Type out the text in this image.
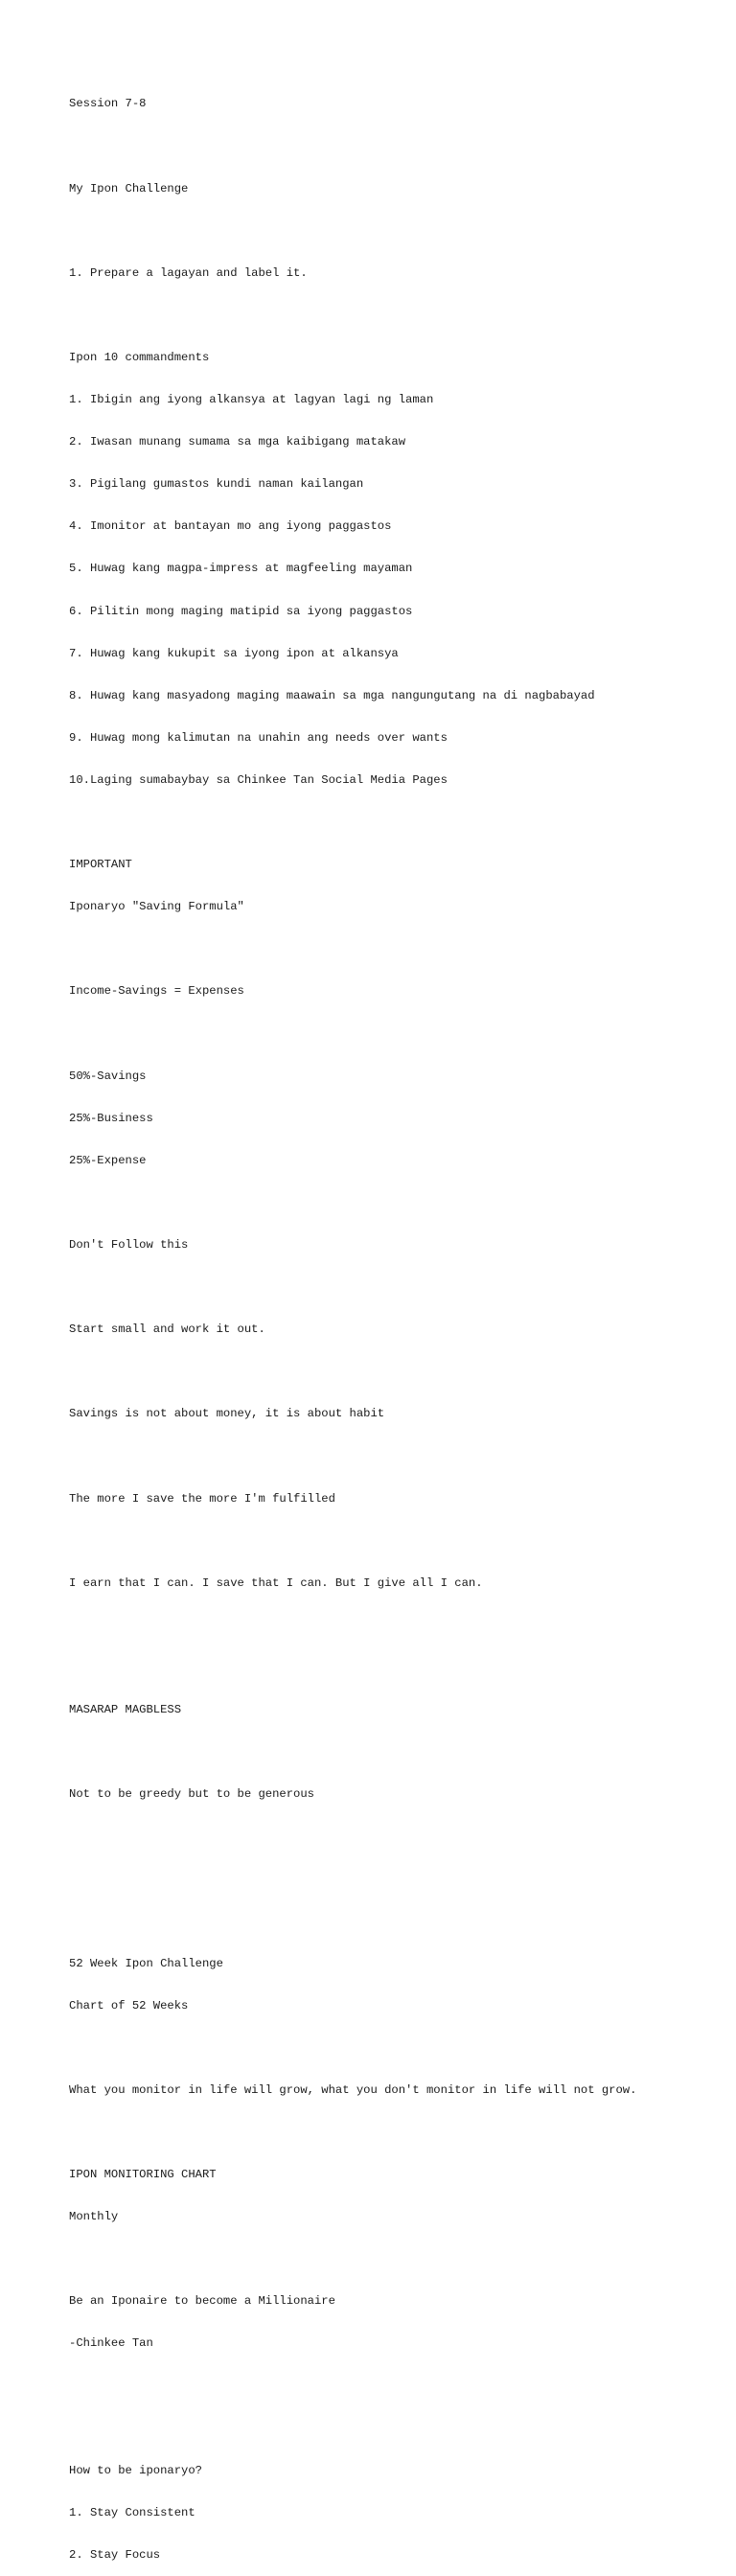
Session 7-8

My Ipon Challenge

1. Prepare a lagayan and label it.

Ipon 10 commandments

1. Ibigin ang iyong alkansya at lagyan lagi ng laman

2. Iwasan munang sumama sa mga kaibigang matakaw

3. Pigilang gumastos kundi naman kailangan

4. Imonitor at bantayan mo ang iyong paggastos

5. Huwag kang magpa-impress at magfeeling mayaman

6. Pilitin mong maging matipid sa iyong paggastos

7. Huwag kang kukupit sa iyong ipon at alkansya

8. Huwag kang masyadong maging maawain sa mga nangungutang na di nagbabayad

9. Huwag mong kalimutan na unahin ang needs over wants

10.Laging sumabaybay sa Chinkee Tan Social Media Pages

IMPORTANT

Iponaryo "Saving Formula"

Income-Savings = Expenses

50%-Savings

25%-Business

25%-Expense

Don't Follow this

Start small and work it out.

Savings is not about money, it is about habit

The more I save the more I'm fulfilled

I earn that I can. I save that I can. But I give all I can.

MASARAP MAGBLESS

Not to be greedy but to be generous

52 Week Ipon Challenge

Chart of 52 Weeks

What you monitor in life will grow, what you don't monitor in life will not grow.

IPON MONITORING CHART

Monthly

Be an Iponaire to become a Millionaire

-Chinkee Tan

How to be iponaryo?

1. Stay Consistent

2. Stay Focus
